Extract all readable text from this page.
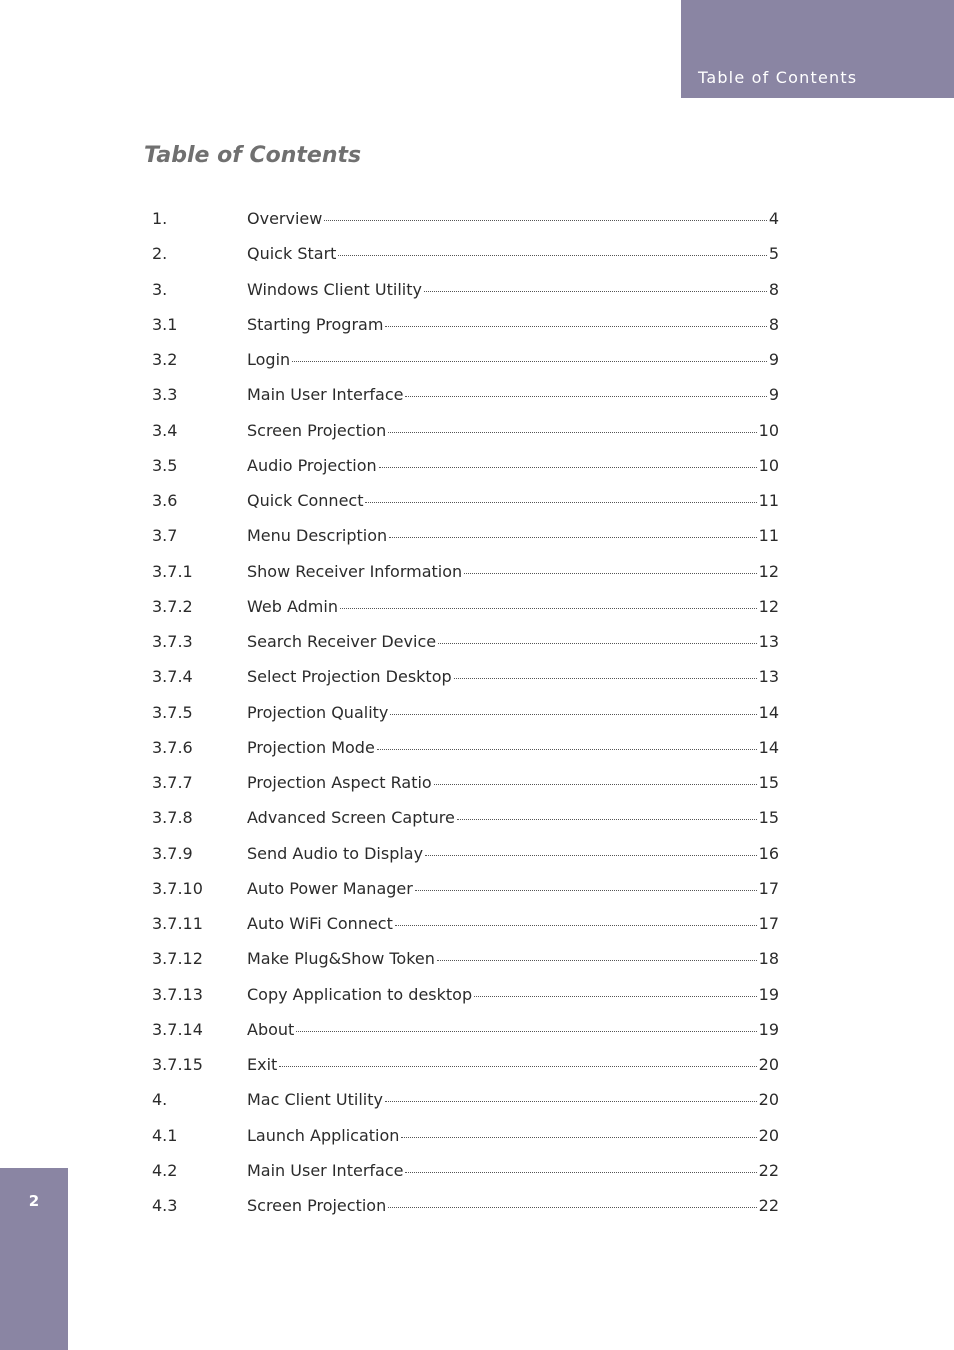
Table of Contents
Table of Contents
1.	Overview	4
2.	Quick Start	5
3.	Windows Client Utility	8
3.1	Starting Program	8
3.2	Login	9
3.3	Main User Interface	9
3.4	Screen Projection	10
3.5	Audio Projection	10
3.6	Quick Connect	11
3.7	Menu Description	11
3.7.1	Show Receiver Information	12
3.7.2	Web Admin	12
3.7.3	Search Receiver Device	13
3.7.4	Select Projection Desktop	13
3.7.5	Projection Quality	14
3.7.6	Projection Mode	14
3.7.7	Projection Aspect Ratio	15
3.7.8	Advanced Screen Capture	15
3.7.9	Send Audio to Display	16
3.7.10	Auto Power Manager	17
3.7.11	Auto WiFi Connect	17
3.7.12	Make Plug&Show Token	18
3.7.13	Copy Application to desktop	19
3.7.14	About	19
3.7.15	Exit	20
4.	Mac Client Utility	20
4.1	Launch Application	20
4.2	Main User Interface	22
4.3	Screen Projection	22
2
